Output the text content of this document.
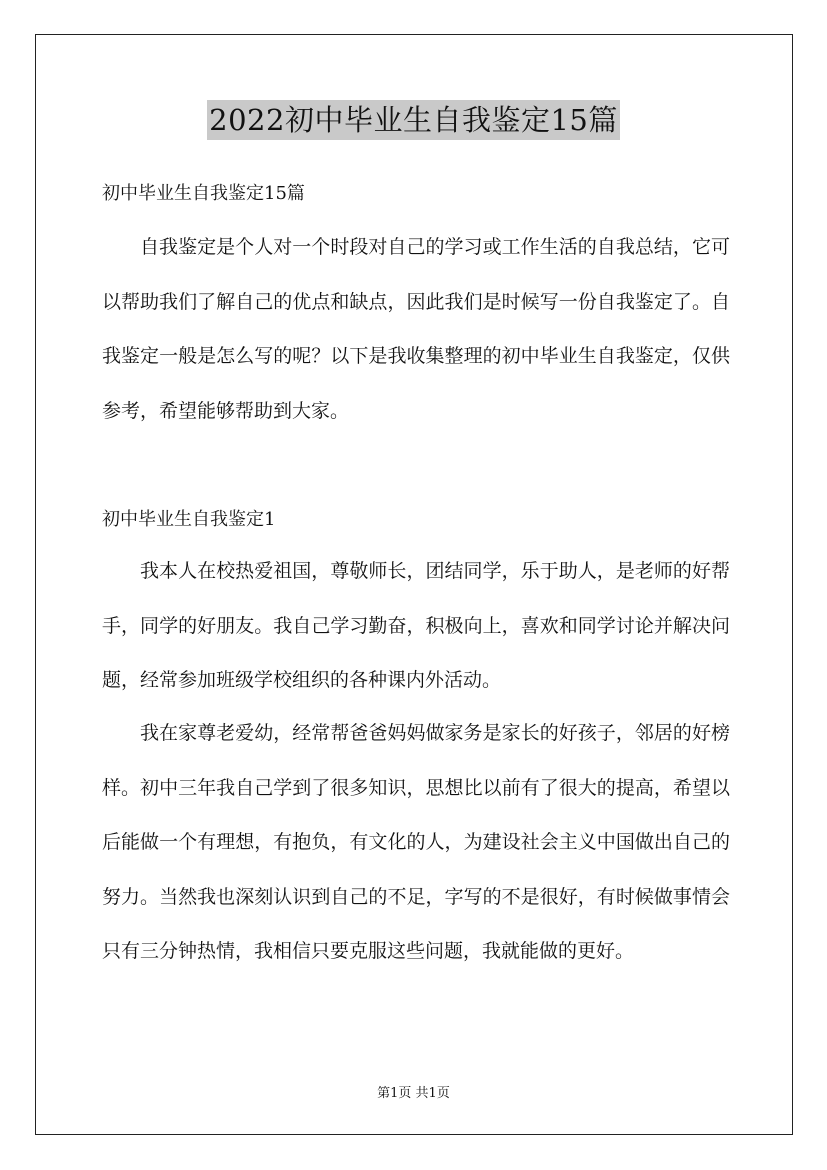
2022初中毕业生自我鉴定15篇
初中毕业生自我鉴定15篇

自我鉴定是个人对一个时段对自己的学习或工作生活的自我总结，它可以帮助我们了解自己的优点和缺点，因此我们是时候写一份自我鉴定了。自我鉴定一般是怎么写的呢？以下是我收集整理的初中毕业生自我鉴定，仅供参考，希望能够帮助到大家。

初中毕业生自我鉴定1

我本人在校热爱祖国，尊敬师长，团结同学，乐于助人，是老师的好帮手，同学的好朋友。我自己学习勤奋，积极向上，喜欢和同学讨论并解决问题，经常参加班级学校组织的各种课内外活动。

我在家尊老爱幼，经常帮爸爸妈妈做家务是家长的好孩子，邻居的好榜样。初中三年我自己学到了很多知识，思想比以前有了很大的提高，希望以后能做一个有理想，有抱负，有文化的人，为建设社会主义中国做出自己的努力。当然我也深刻认识到自己的不足，字写的不是很好，有时候做事情会只有三分钟热情，我相信只要克服这些问题，我就能做的更好。

第1页 共1页
